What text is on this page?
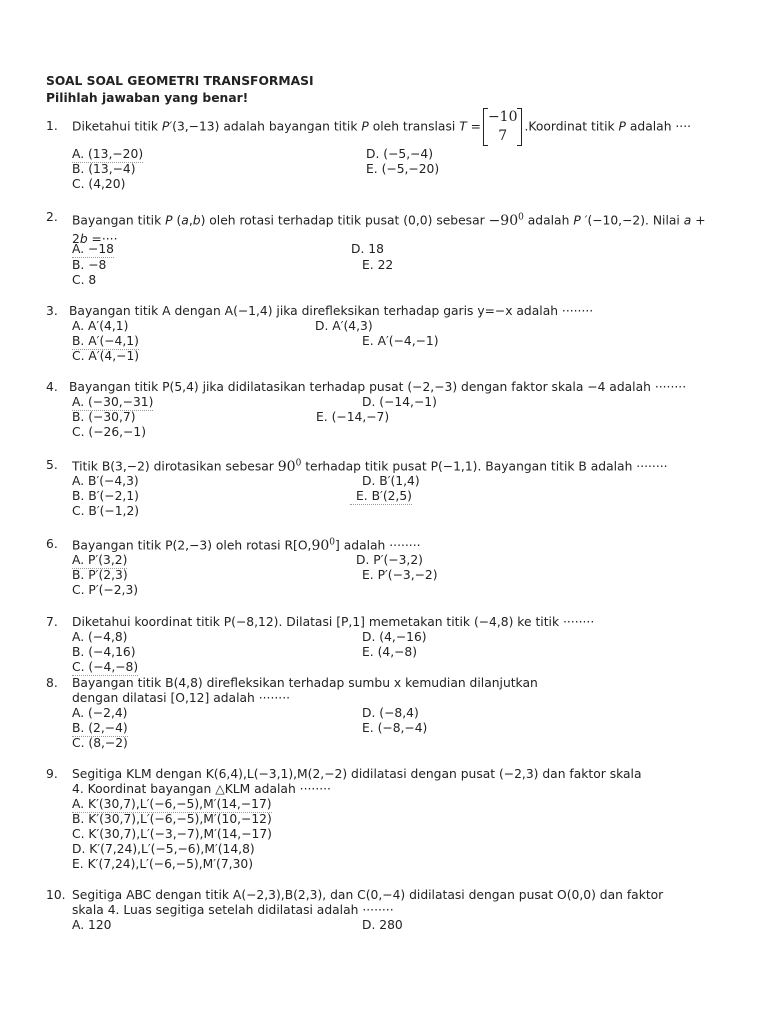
SOAL SOAL GEOMETRI TRANSFORMASI
Pilihlah jawaban yang benar!
1. Diketahui titik P′(3,−13) adalah bayangan titik P oleh translasi T =
−10
7
.Koordinat titik P adalah ····
A. (13,−20)
B. (13,−4)
C. (4,20)
D. (−5,−4)
E. (−5,−20)
2. Bayangan titik P (a,b) oleh rotasi terhadap titik pusat (0,0) sebesar $-90^0$ adalah P ′(−10,−2). Nilai a +
2b =····
A. −18
B. −8
C. 8
D. 18
E. 22
3. Bayangan titik A dengan A(−1,4) jika direfleksikan terhadap garis y=−x adalah ········
A. A′(4,1)
B. A′(−4,1)
C. A′(4,−1)
D. A′(4,3)
E. A′(−4,−1)
4. Bayangan titik P(5,4) jika didilatasikan terhadap pusat (−2,−3) dengan faktor skala −4 adalah ········
A. (−30,−31)
B. (−30,7)
C. (−26,−1)
D. (−14,−1)
E. (−14,−7)
5. Titik B(3,−2) dirotasikan sebesar $90^0$ terhadap titik pusat P(−1,1). Bayangan titik B adalah ········
A. B′(−4,3)
B. B′(−2,1)
C. B′(−1,2)
D. B′(1,4)
E. B′(2,5)
6. Bayangan titik P(2,−3) oleh rotasi $R[O,90^0]$ adalah ········
A. P′(3,2)
B. P′(2,3)
C. P′(−2,3)
D. P′(−3,2)
E. P′(−3,−2)
7. Diketahui koordinat titik P(−8,12). Dilatasi [P,1] memetakan titik (−4,8) ke titik ········
A. (−4,8)
B. (−4,16)
C. (−4,−8)
D. (4,−16)
E. (4,−8)
8. Bayangan titik B(4,8) direfleksikan terhadap sumbu x kemudian dilanjutkan
dengan dilatasi [O,12] adalah ········
A. (−2,4)
B. (2,−4)
C. (8,−2)
D. (−8,4)
E. (−8,−4)
9. Segitiga KLM dengan K(6,4),L(−3,1),M(2,−2) didilatasi dengan pusat (−2,3) dan faktor skala
4. Koordinat bayangan △KLM adalah ········
A. K′(30,7),L′(−6,−5),M′(14,−17)
B. K′(30,7),L′(−6,−5),M′(10,−12)
C. K′(30,7),L′(−3,−7),M′(14,−17)
D. K′(7,24),L′(−5,−6),M′(14,8)
E. K′(7,24),L′(−6,−5),M′(7,30)
10. Segitiga ABC dengan titik A(−2,3),B(2,3), dan C(0,−4) didilatasi dengan pusat O(0,0) dan faktor
skala 4. Luas segitiga setelah didilatasi adalah ········
A. 120	D. 280
